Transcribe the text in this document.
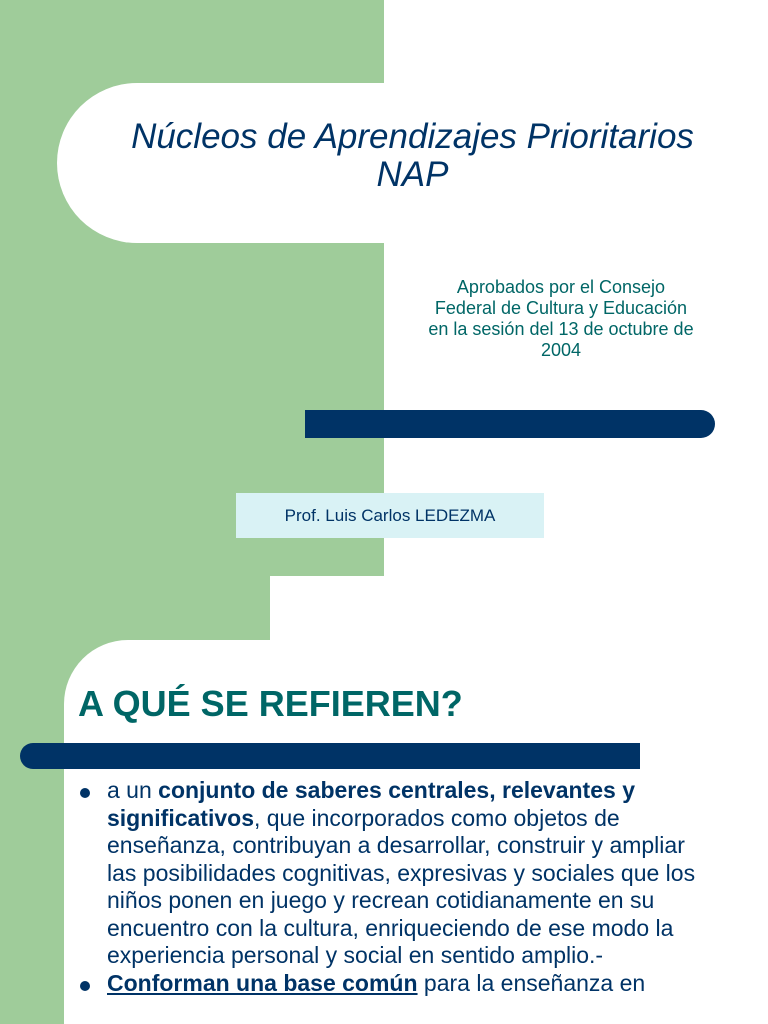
Núcleos de Aprendizajes Prioritarios
NAP

Aprobados por el Consejo
Federal de Cultura y Educación
en la sesión del 13 de octubre de
2004

Prof. Luis Carlos LEDEZMA
A QUÉ SE REFIEREN?
a un conjunto de saberes centrales, relevantes y significativos, que incorporados como objetos de enseñanza, contribuyan a desarrollar, construir y ampliar las posibilidades cognitivas, expresivas y sociales que los niños ponen en juego y recrean cotidianamente en su encuentro con la cultura, enriqueciendo de ese modo la experiencia personal y social en sentido amplio.-
Conforman una base común para la enseñanza en
